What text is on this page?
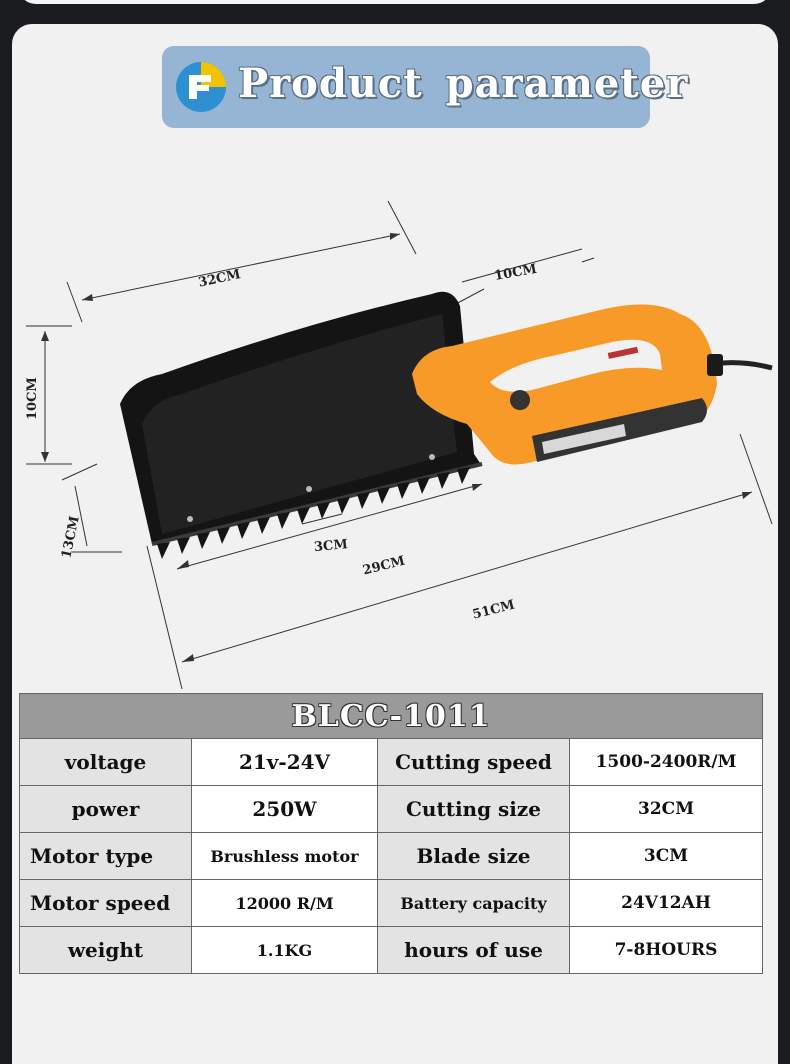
Product parameter
32CM	10CM
10CM
13CM	3CM
29CM
51CM
BLCC-1011			
voltage	21v-24V	Cutting speed	1500-2400R/M
power	250W	Cutting size	32CM
Motor type	Brushless motor	Blade size	3CM
Motor speed	12000 R/M	Battery capacity	24V12AH
weight	1.1KG	hours of use	7-8HOURS
